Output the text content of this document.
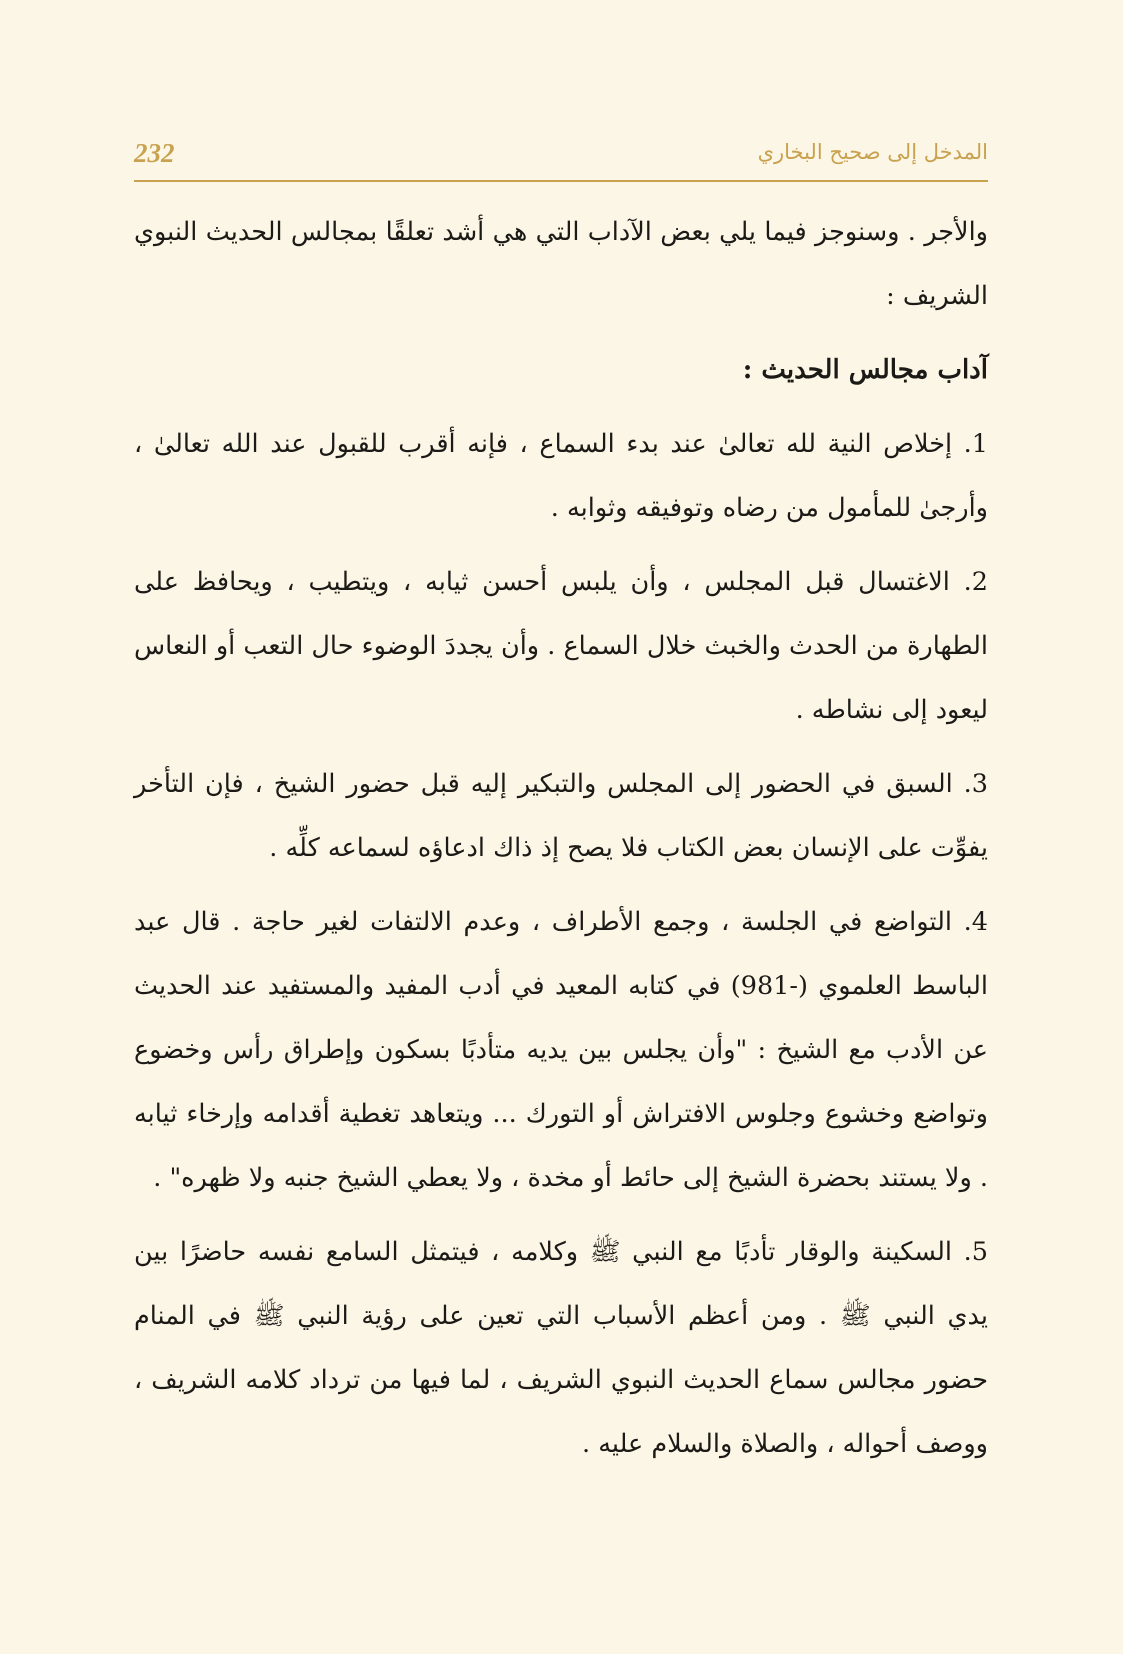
232	المدخل إلى صحيح البخاري

والأجر . وسنوجز فيما يلي بعض الآداب التي هي أشد تعلقًا بمجالس الحديث النبوي الشريف :

آداب مجالس الحديث :

1. إخلاص النية لله تعالىٰ عند بدء السماع ، فإنه أقرب للقبول عند الله تعالىٰ ، وأرجىٰ للمأمول من رضاه وتوفيقه وثوابه .

2. الاغتسال قبل المجلس ، وأن يلبس أحسن ثيابه ، ويتطيب ، ويحافظ على الطهارة من الحدث والخبث خلال السماع . وأن يجددَ الوضوء حال التعب أو النعاس ليعود إلى نشاطه .

3. السبق في الحضور إلى المجلس والتبكير إليه قبل حضور الشيخ ، فإن التأخر يفوِّت على الإنسان بعض الكتاب فلا يصح إذ ذاك ادعاؤه لسماعه كلِّه .

4. التواضع في الجلسة ، وجمع الأطراف ، وعدم الالتفات لغير حاجة . قال عبد الباسط العلموي (-981) في كتابه المعيد في أدب المفيد والمستفيد عند الحديث عن الأدب مع الشيخ : "وأن يجلس بين يديه متأدبًا بسكون وإطراق رأس وخضوع وتواضع وخشوع وجلوس الافتراش أو التورك ... ويتعاهد تغطية أقدامه وإرخاء ثيابه . ولا يستند بحضرة الشيخ إلى حائط أو مخدة ، ولا يعطي الشيخ جنبه ولا ظهره" .

5. السكينة والوقار تأدبًا مع النبي ﷺ وكلامه ، فيتمثل السامع نفسه حاضرًا بين يدي النبي ﷺ . ومن أعظم الأسباب التي تعين على رؤية النبي ﷺ في المنام حضور مجالس سماع الحديث النبوي الشريف ، لما فيها من ترداد كلامه الشريف ، ووصف أحواله ، والصلاة والسلام عليه .
